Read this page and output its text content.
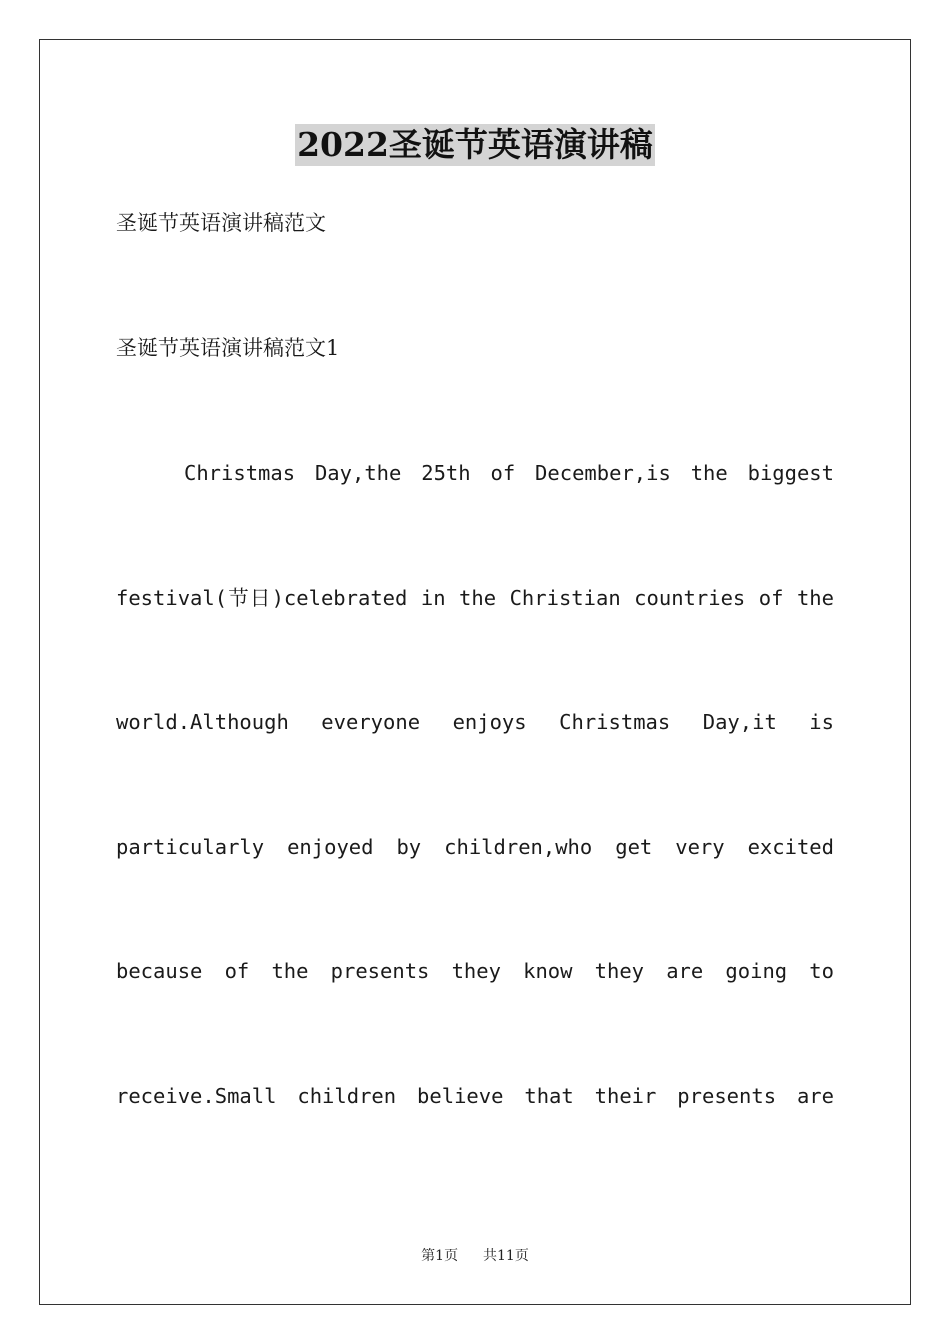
2022圣诞节英语演讲稿
圣诞节英语演讲稿范文
圣诞节英语演讲稿范文1
Christmas Day,the 25th of December,is the biggest
festival(节日)celebrated in the Christian countries of the
world.Although everyone enjoys Christmas Day,it is
particularly enjoyed by children,who get very excited
because of the presents they know they are going to
receive.Small children believe that their presents are
第1页 共11页
